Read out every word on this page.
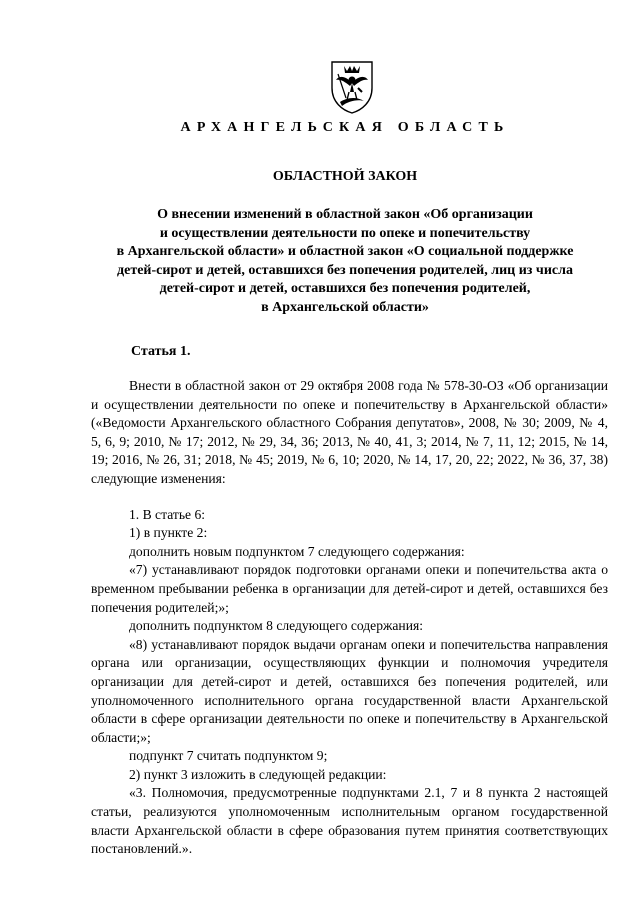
АРХАНГЕЛЬСКАЯ ОБЛАСТЬ
ОБЛАСТНОЙ ЗАКОН
О внесении изменений в областной закон «Об организации
и осуществлении деятельности по опеке и попечительству
в Архангельской области» и областной закон «О социальной поддержке
детей-сирот и детей, оставшихся без попечения родителей, лиц из числа
детей-сирот и детей, оставшихся без попечения родителей,
в Архангельской области»
Статья 1.

Внести в областной закон от 29 октября 2008 года № 578-30-ОЗ «Об организации и осуществлении деятельности по опеке и попечительству в Архангельской области» («Ведомости Архангельского областного Собрания депутатов», 2008, № 30; 2009, № 4, 5, 6, 9; 2010, № 17; 2012, № 29, 34, 36; 2013, № 40, 41, 3; 2014, № 7, 11, 12; 2015, № 14, 19; 2016, № 26, 31; 2018, № 45; 2019, № 6, 10; 2020, № 14, 17, 20, 22; 2022, № 36, 37, 38) следующие изменения:

1. В статье 6:

1) в пункте 2:

дополнить новым подпунктом 7 следующего содержания:

«7) устанавливают порядок подготовки органами опеки и попечительства акта о временном пребывании ребенка в организации для детей-сирот и детей, оставшихся без попечения родителей;»;

дополнить подпунктом 8 следующего содержания:

«8) устанавливают порядок выдачи органам опеки и попечительства направления органа или организации, осуществляющих функции и полномочия учредителя организации для детей-сирот и детей, оставшихся без попечения родителей, или уполномоченного исполнительного органа государственной власти Архангельской области в сфере организации деятельности по опеке и попечительству в Архангельской области;»;

подпункт 7 считать подпунктом 9;

2) пункт 3 изложить в следующей редакции:

«3. Полномочия, предусмотренные подпунктами 2.1, 7 и 8 пункта 2 настоящей статьи, реализуются уполномоченным исполнительным органом государственной власти Архангельской области в сфере образования путем принятия соответствующих постановлений.».
